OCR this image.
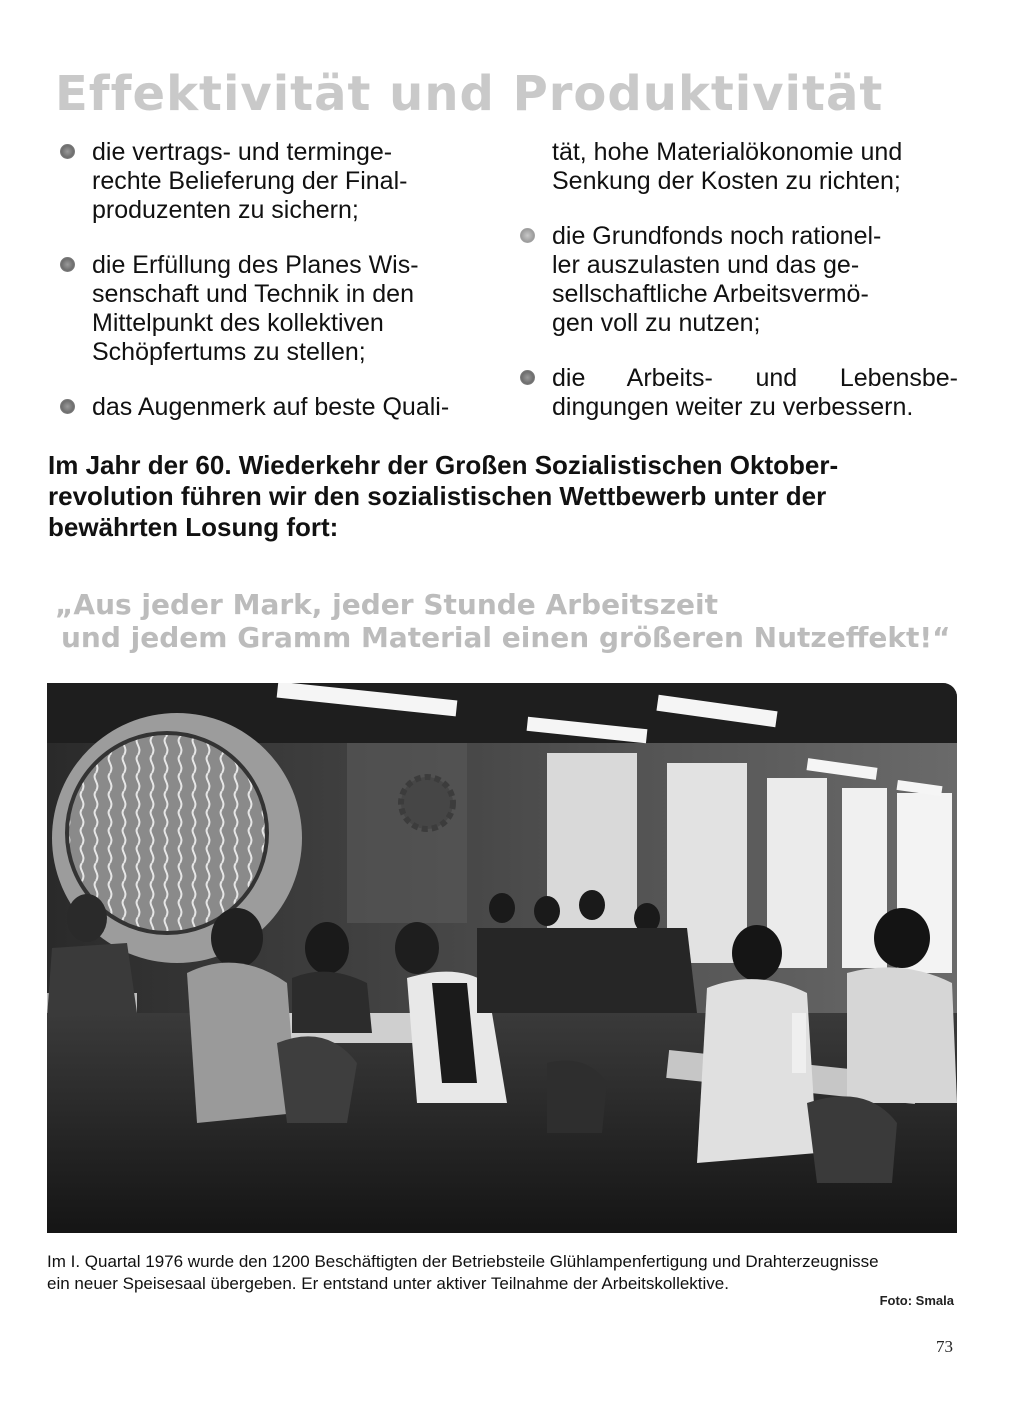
Effektivität und Produktivität
die vertrags- und terminge-
rechte Belieferung der Final-
produzenten zu sichern;
die Erfüllung des Planes Wis-
senschaft und Technik in den
Mittelpunkt des kollektiven
Schöpfertums zu stellen;
das Augenmerk auf beste Quali-
tät, hohe Materialökonomie und
Senkung der Kosten zu richten;
die Grundfonds noch rationel-
ler auszulasten und das ge-
sellschaftliche Arbeitsvermö-
gen voll zu nutzen;
die Arbeits- und Lebensbe-
dingungen weiter zu verbessern.
Im Jahr der 60. Wiederkehr der Großen Sozialistischen Oktober-
revolution führen wir den sozialistischen Wettbewerb unter der
bewährten Losung fort:
„Aus jeder Mark, jeder Stunde Arbeitszeit
und jedem Gramm Material einen größeren Nutzeffekt!“
Im I. Quartal 1976 wurde den 1200 Beschäftigten der Betriebsteile Glühlampenfertigung und Drahterzeugnisse
ein neuer Speisesaal übergeben. Er entstand unter aktiver Teilnahme der Arbeitskollektive.
Foto: Smala
73
